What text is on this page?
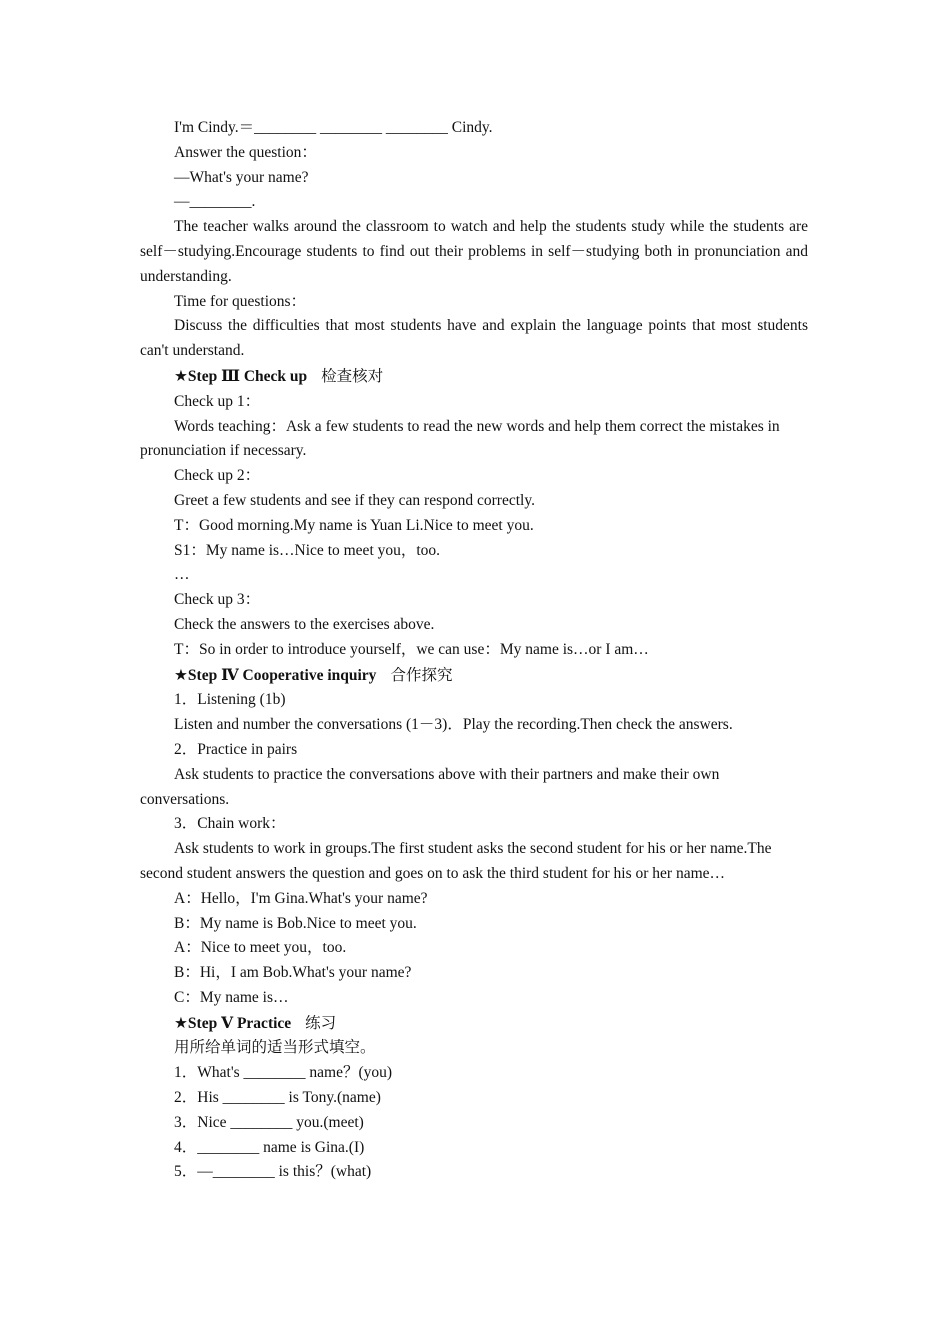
I'm Cindy.＝________ ________ ________ Cindy.

Answer the question：

—What's your name?

—________.

The teacher walks around the classroom to watch and help the students study while the students are self－studying.Encourage students to find out their problems in self－studying both in pronunciation and understanding.

Time for questions：

Discuss the difficulties that most students have and explain the language points that most students can't understand.

★Step Ⅲ Check up 检查核对

Check up 1：

Words teaching：Ask a few students to read the new words and help them correct the mistakes in pronunciation if necessary.

Check up 2：

Greet a few students and see if they can respond correctly.

T：Good morning.My name is Yuan Li.Nice to meet you.

S1：My name is…Nice to meet you，too.

…

Check up 3：

Check the answers to the exercises above.

T：So in order to introduce yourself，we can use：My name is…or I am…

★Step Ⅳ Cooperative inquiry 合作探究

1．Listening (1b)

Listen and number the conversations (1－3)．Play the recording.Then check the answers.

2．Practice in pairs

Ask students to practice the conversations above with their partners and make their own conversations.

3．Chain work：

Ask students to work in groups.The first student asks the second student for his or her name.The second student answers the question and goes on to ask the third student for his or her name…

A：Hello，I'm Gina.What's your name?

B：My name is Bob.Nice to meet you.

A：Nice to meet you，too.

B：Hi，I am Bob.What's your name?

C：My name is…

★Step Ⅴ Practice 练习

用所给单词的适当形式填空。

1．What's ________ name？(you)

2．His ________ is Tony.(name)

3．Nice ________ you.(meet)

4．________ name is Gina.(I)

5．—________ is this？(what)
